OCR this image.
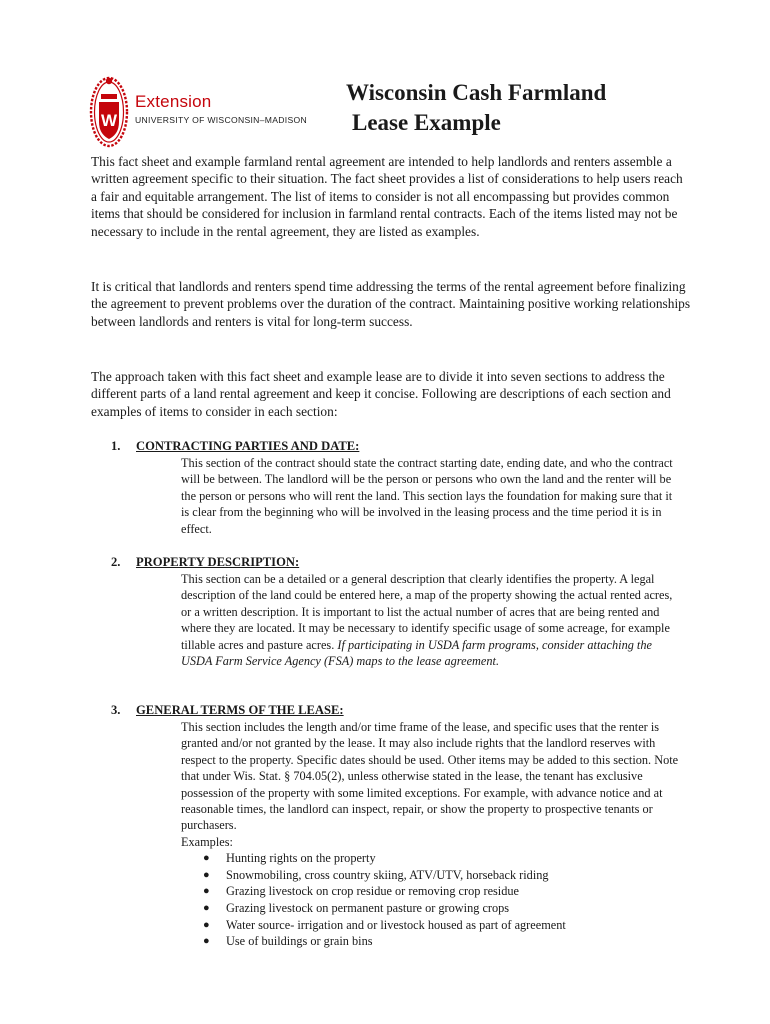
W
Extension
UNIVERSITY OF WISCONSIN–MADISON
Wisconsin Cash Farmland
Lease Example

This fact sheet and example farmland rental agreement are intended to help landlords and renters assemble a written agreement specific to their situation. The fact sheet provides a list of considerations to help users reach a fair and equitable arrangement. The list of items to consider is not all encompassing but provides common items that should be considered for inclusion in farmland rental contracts. Each of the items listed may not be necessary to include in the rental agreement, they are listed as examples.

It is critical that landlords and renters spend time addressing the terms of the rental agreement before finalizing the agreement to prevent problems over the duration of the contract. Maintaining positive working relationships between landlords and renters is vital for long-term success.

The approach taken with this fact sheet and example lease are to divide it into seven sections to address the different parts of a land rental agreement and keep it concise. Following are descriptions of each section and examples of items to consider in each section:

1. CONTRACTING PARTIES AND DATE:
This section of the contract should state the contract starting date, ending date, and who the contract will be between. The landlord will be the person or persons who own the land and the renter will be the person or persons who will rent the land. This section lays the foundation for making sure that it is clear from the beginning who will be involved in the leasing process and the time period it is in effect.
2. PROPERTY DESCRIPTION:
This section can be a detailed or a general description that clearly identifies the property. A legal description of the land could be entered here, a map of the property showing the actual rented acres, or a written description. It is important to list the actual number of acres that are being rented and where they are located. It may be necessary to identify specific usage of some acreage, for example tillable acres and pasture acres. If participating in USDA farm programs, consider attaching the USDA Farm Service Agency (FSA) maps to the lease agreement.
3. GENERAL TERMS OF THE LEASE:
This section includes the length and/or time frame of the lease, and specific uses that the renter is granted and/or not granted by the lease. It may also include rights that the landlord reserves with respect to the property. Specific dates should be used. Other items may be added to this section. Note that under Wis. Stat. § 704.05(2), unless otherwise stated in the lease, the tenant has exclusive possession of the property with some limited exceptions. For example, with advance notice and at reasonable times, the landlord can inspect, repair, or show the property to prospective tenants or purchasers.
Examples:
● Hunting rights on the property
● Snowmobiling, cross country skiing, ATV/UTV, horseback riding
● Grazing livestock on crop residue or removing crop residue
● Grazing livestock on permanent pasture or growing crops
● Water source- irrigation and or livestock housed as part of agreement
● Use of buildings or grain bins
